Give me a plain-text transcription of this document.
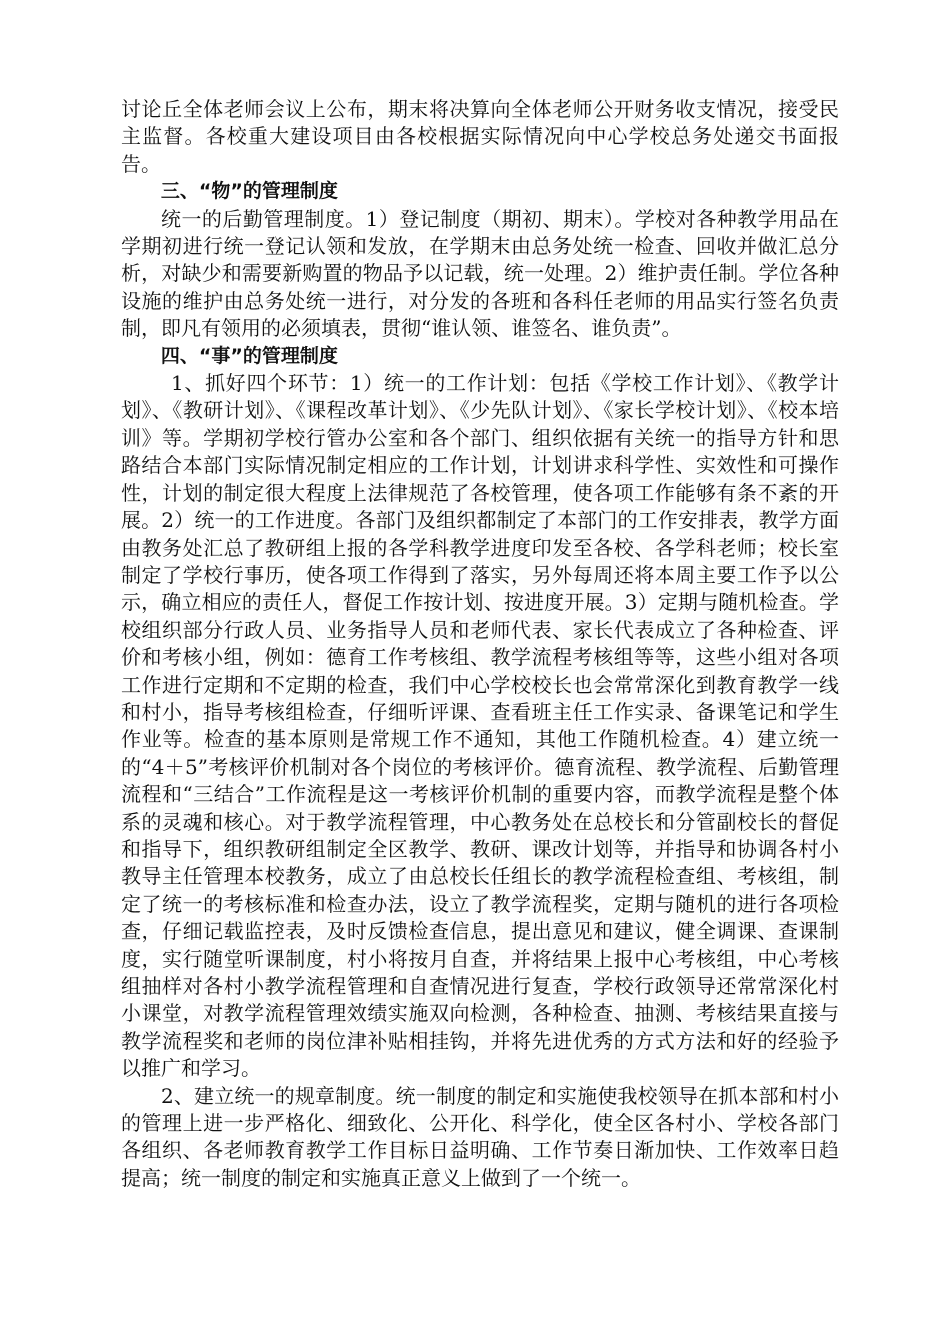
讨论丘全体老师会议上公布，期末将决算向全体老师公开财务收支情况，接受民主监督。各校重大建设项目由各校根据实际情况向中心学校总务处递交书面报告。

三、“物”的管理制度

统一的后勤管理制度。1）登记制度（期初、期末）。学校对各种教学用品在学期初进行统一登记认领和发放，在学期末由总务处统一检查、回收并做汇总分析，对缺少和需要新购置的物品予以记载，统一处理。2）维护责任制。学位各种设施的维护由总务处统一进行，对分发的各班和各科任老师的用品实行签名负责制，即凡有领用的必须填表，贯彻“谁认领、谁签名、谁负责”。

四、“事”的管理制度

1、抓好四个环节：1）统一的工作计划：包括《学校工作计划》、《教学计划》、《教研计划》、《课程改革计划》、《少先队计划》、《家长学校计划》、《校本培训》等。学期初学校行管办公室和各个部门、组织依据有关统一的指导方针和思路结合本部门实际情况制定相应的工作计划，计划讲求科学性、实效性和可操作性，计划的制定很大程度上法律规范了各校管理，使各项工作能够有条不紊的开展。2）统一的工作进度。各部门及组织都制定了本部门的工作安排表，教学方面由教务处汇总了教研组上报的各学科教学进度印发至各校、各学科老师；校长室制定了学校行事历，使各项工作得到了落实，另外每周还将本周主要工作予以公示，确立相应的责任人，督促工作按计划、按进度开展。3）定期与随机检查。学校组织部分行政人员、业务指导人员和老师代表、家长代表成立了各种检查、评价和考核小组，例如：德育工作考核组、教学流程考核组等等，这些小组对各项工作进行定期和不定期的检查，我们中心学校校长也会常常深化到教育教学一线和村小，指导考核组检查，仔细听评课、查看班主任工作实录、备课笔记和学生作业等。检查的基本原则是常规工作不通知，其他工作随机检查。4）建立统一的“4＋5”考核评价机制对各个岗位的考核评价。德育流程、教学流程、后勤管理流程和“三结合”工作流程是这一考核评价机制的重要内容，而教学流程是整个体系的灵魂和核心。对于教学流程管理，中心教务处在总校长和分管副校长的督促和指导下，组织教研组制定全区教学、教研、课改计划等，并指导和协调各村小教导主任管理本校教务，成立了由总校长任组长的教学流程检查组、考核组，制定了统一的考核标准和检查办法，设立了教学流程奖，定期与随机的进行各项检查，仔细记载监控表，及时反馈检查信息，提出意见和建议，健全调课、查课制度，实行随堂听课制度，村小将按月自查，并将结果上报中心考核组，中心考核组抽样对各村小教学流程管理和自查情况进行复查，学校行政领导还常常深化村小课堂，对教学流程管理效绩实施双向检测，各种检查、抽测、考核结果直接与教学流程奖和老师的岗位津补贴相挂钩，并将先进优秀的方式方法和好的经验予以推广和学习。

2、建立统一的规章制度。统一制度的制定和实施使我校领导在抓本部和村小的管理上进一步严格化、细致化、公开化、科学化，使全区各村小、学校各部门各组织、各老师教育教学工作目标日益明确、工作节奏日渐加快、工作效率日趋提高；统一制度的制定和实施真正意义上做到了一个统一。
